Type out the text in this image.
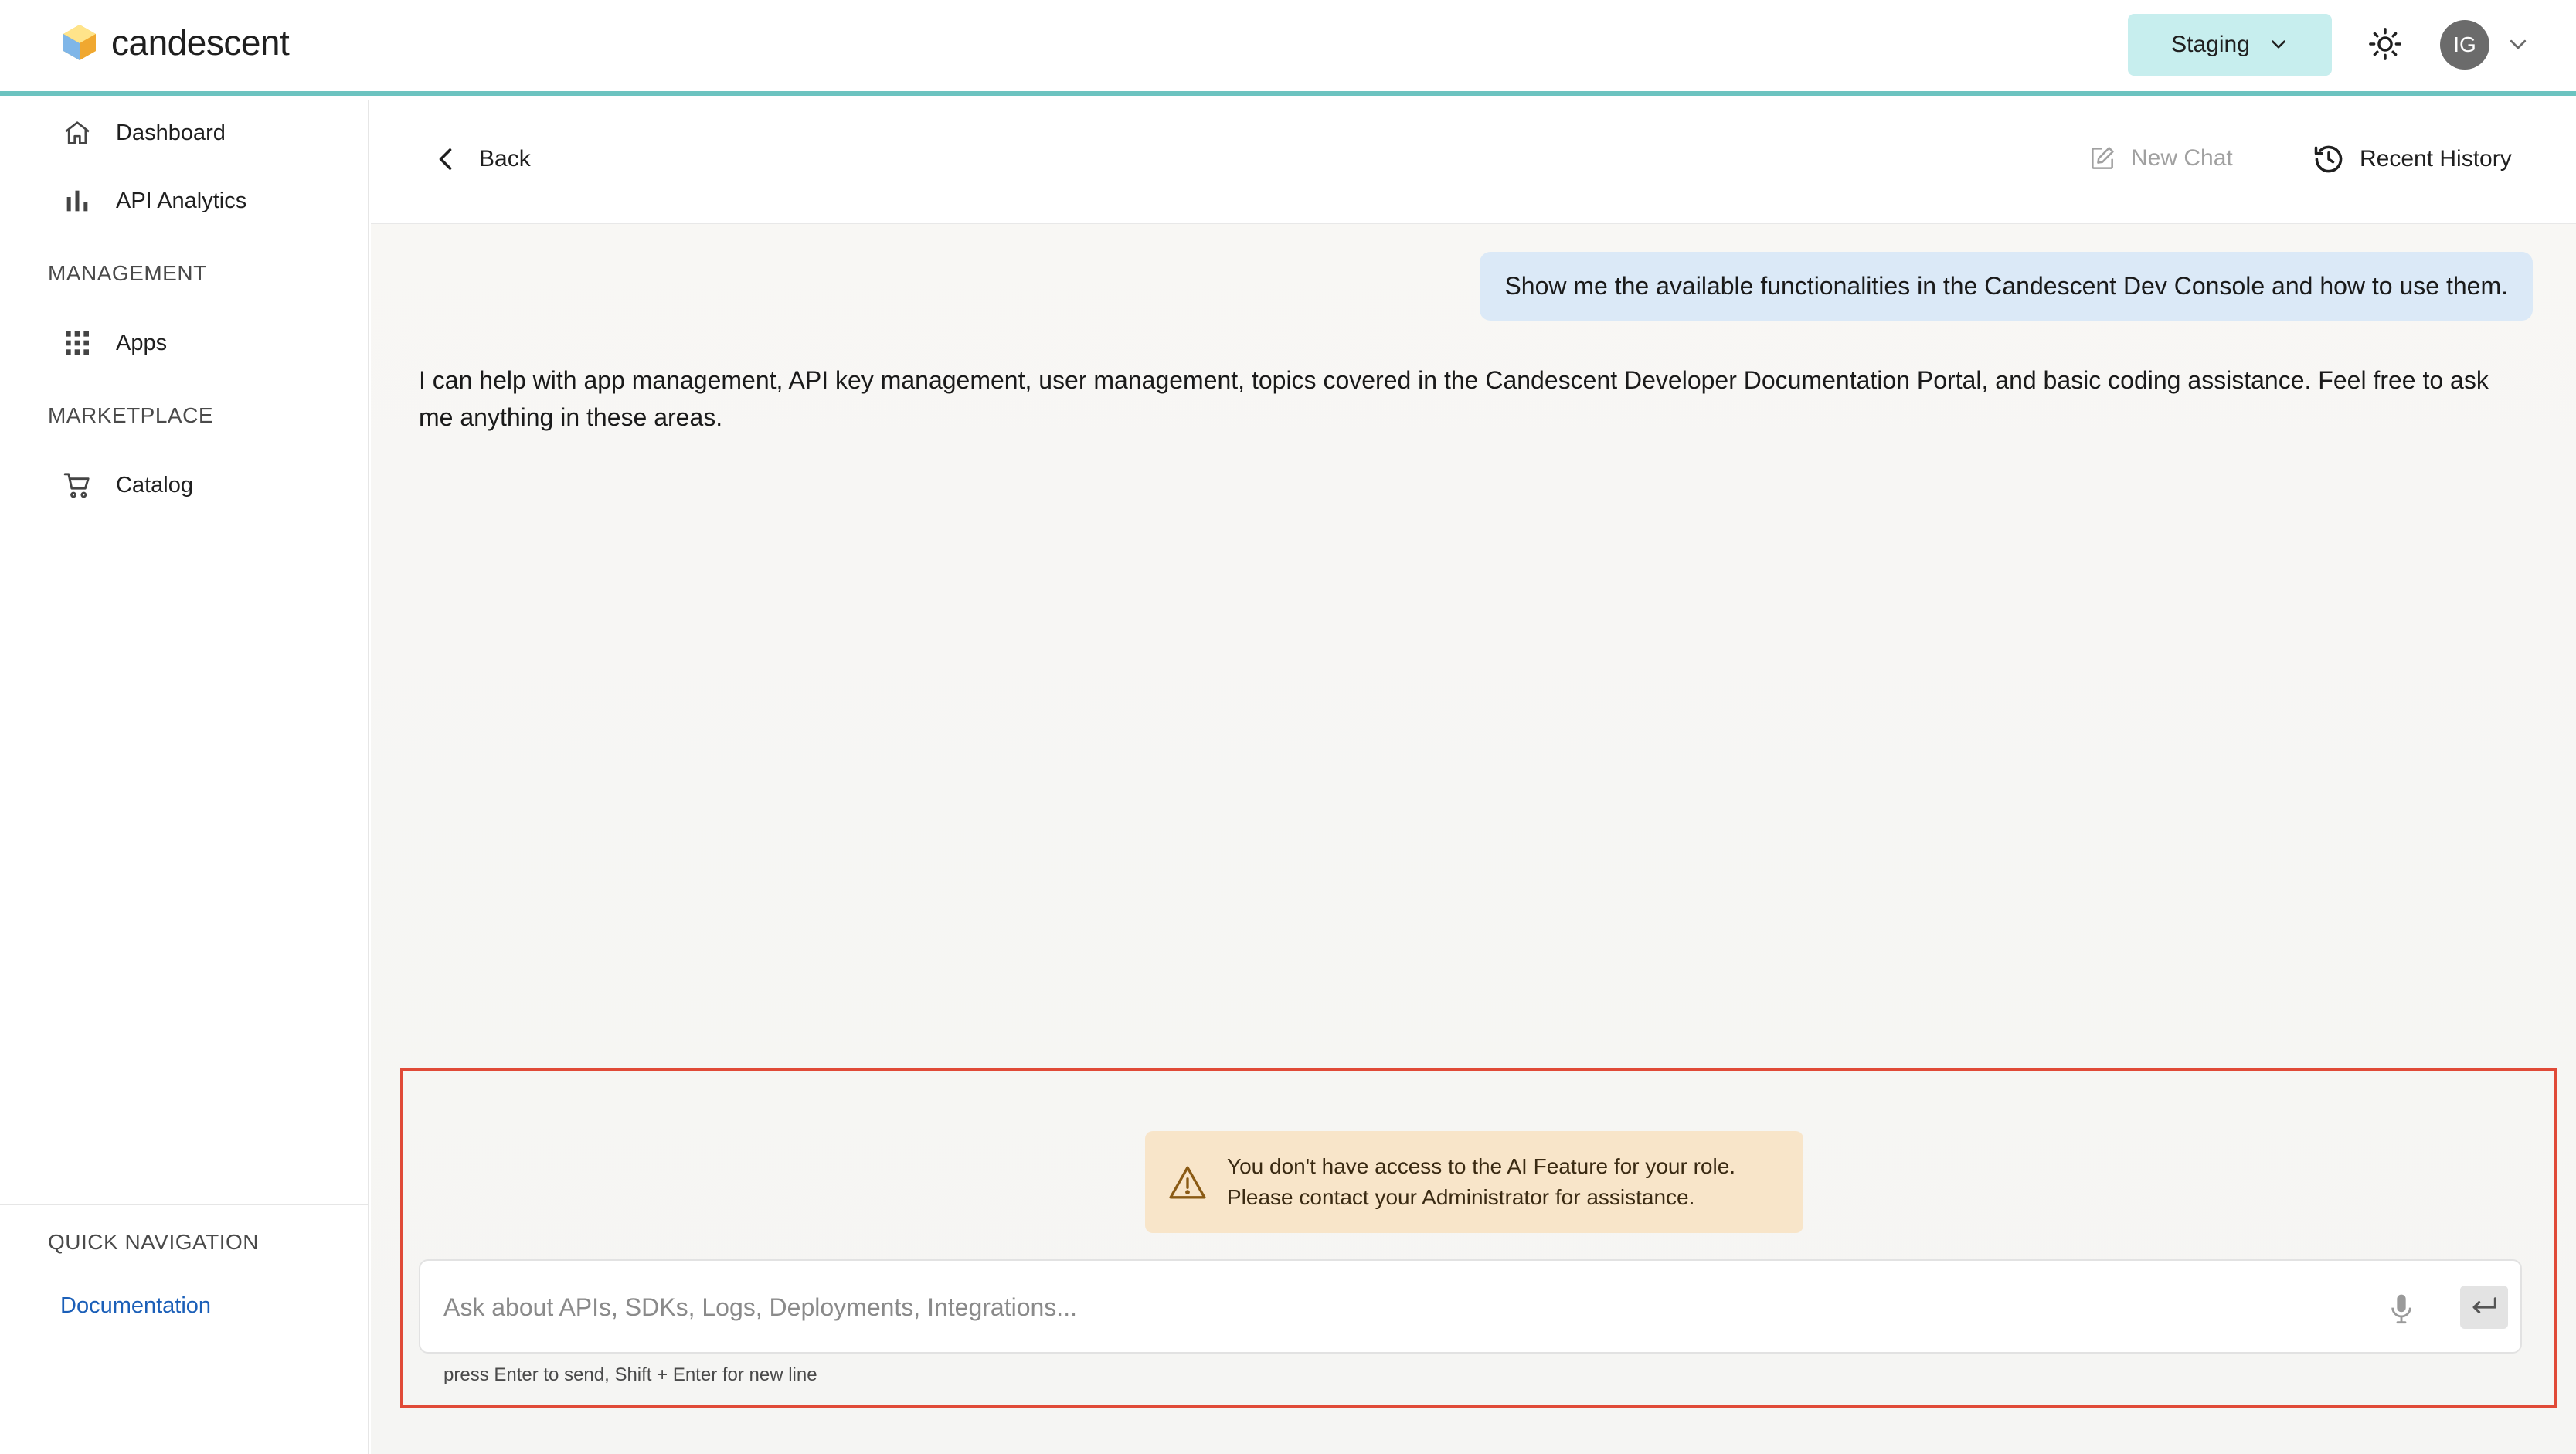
candescent	Staging	IG
Dashboard
API Analytics
MANAGEMENT
Apps
MARKETPLACE
Catalog
QUICK NAVIGATION
Documentation
Back	New Chat	Recent History
Show me the available functionalities in the Candescent Dev Console and how to use them.
I can help with app management, API key management, user management, topics covered in the Candescent Developer Documentation Portal, and basic coding assistance. Feel free to ask me anything in these areas.
You don't have access to the AI Feature for your role.
Please contact your Administrator for assistance.
Ask about APIs, SDKs, Logs, Deployments, Integrations...
press Enter to send, Shift + Enter for new line
